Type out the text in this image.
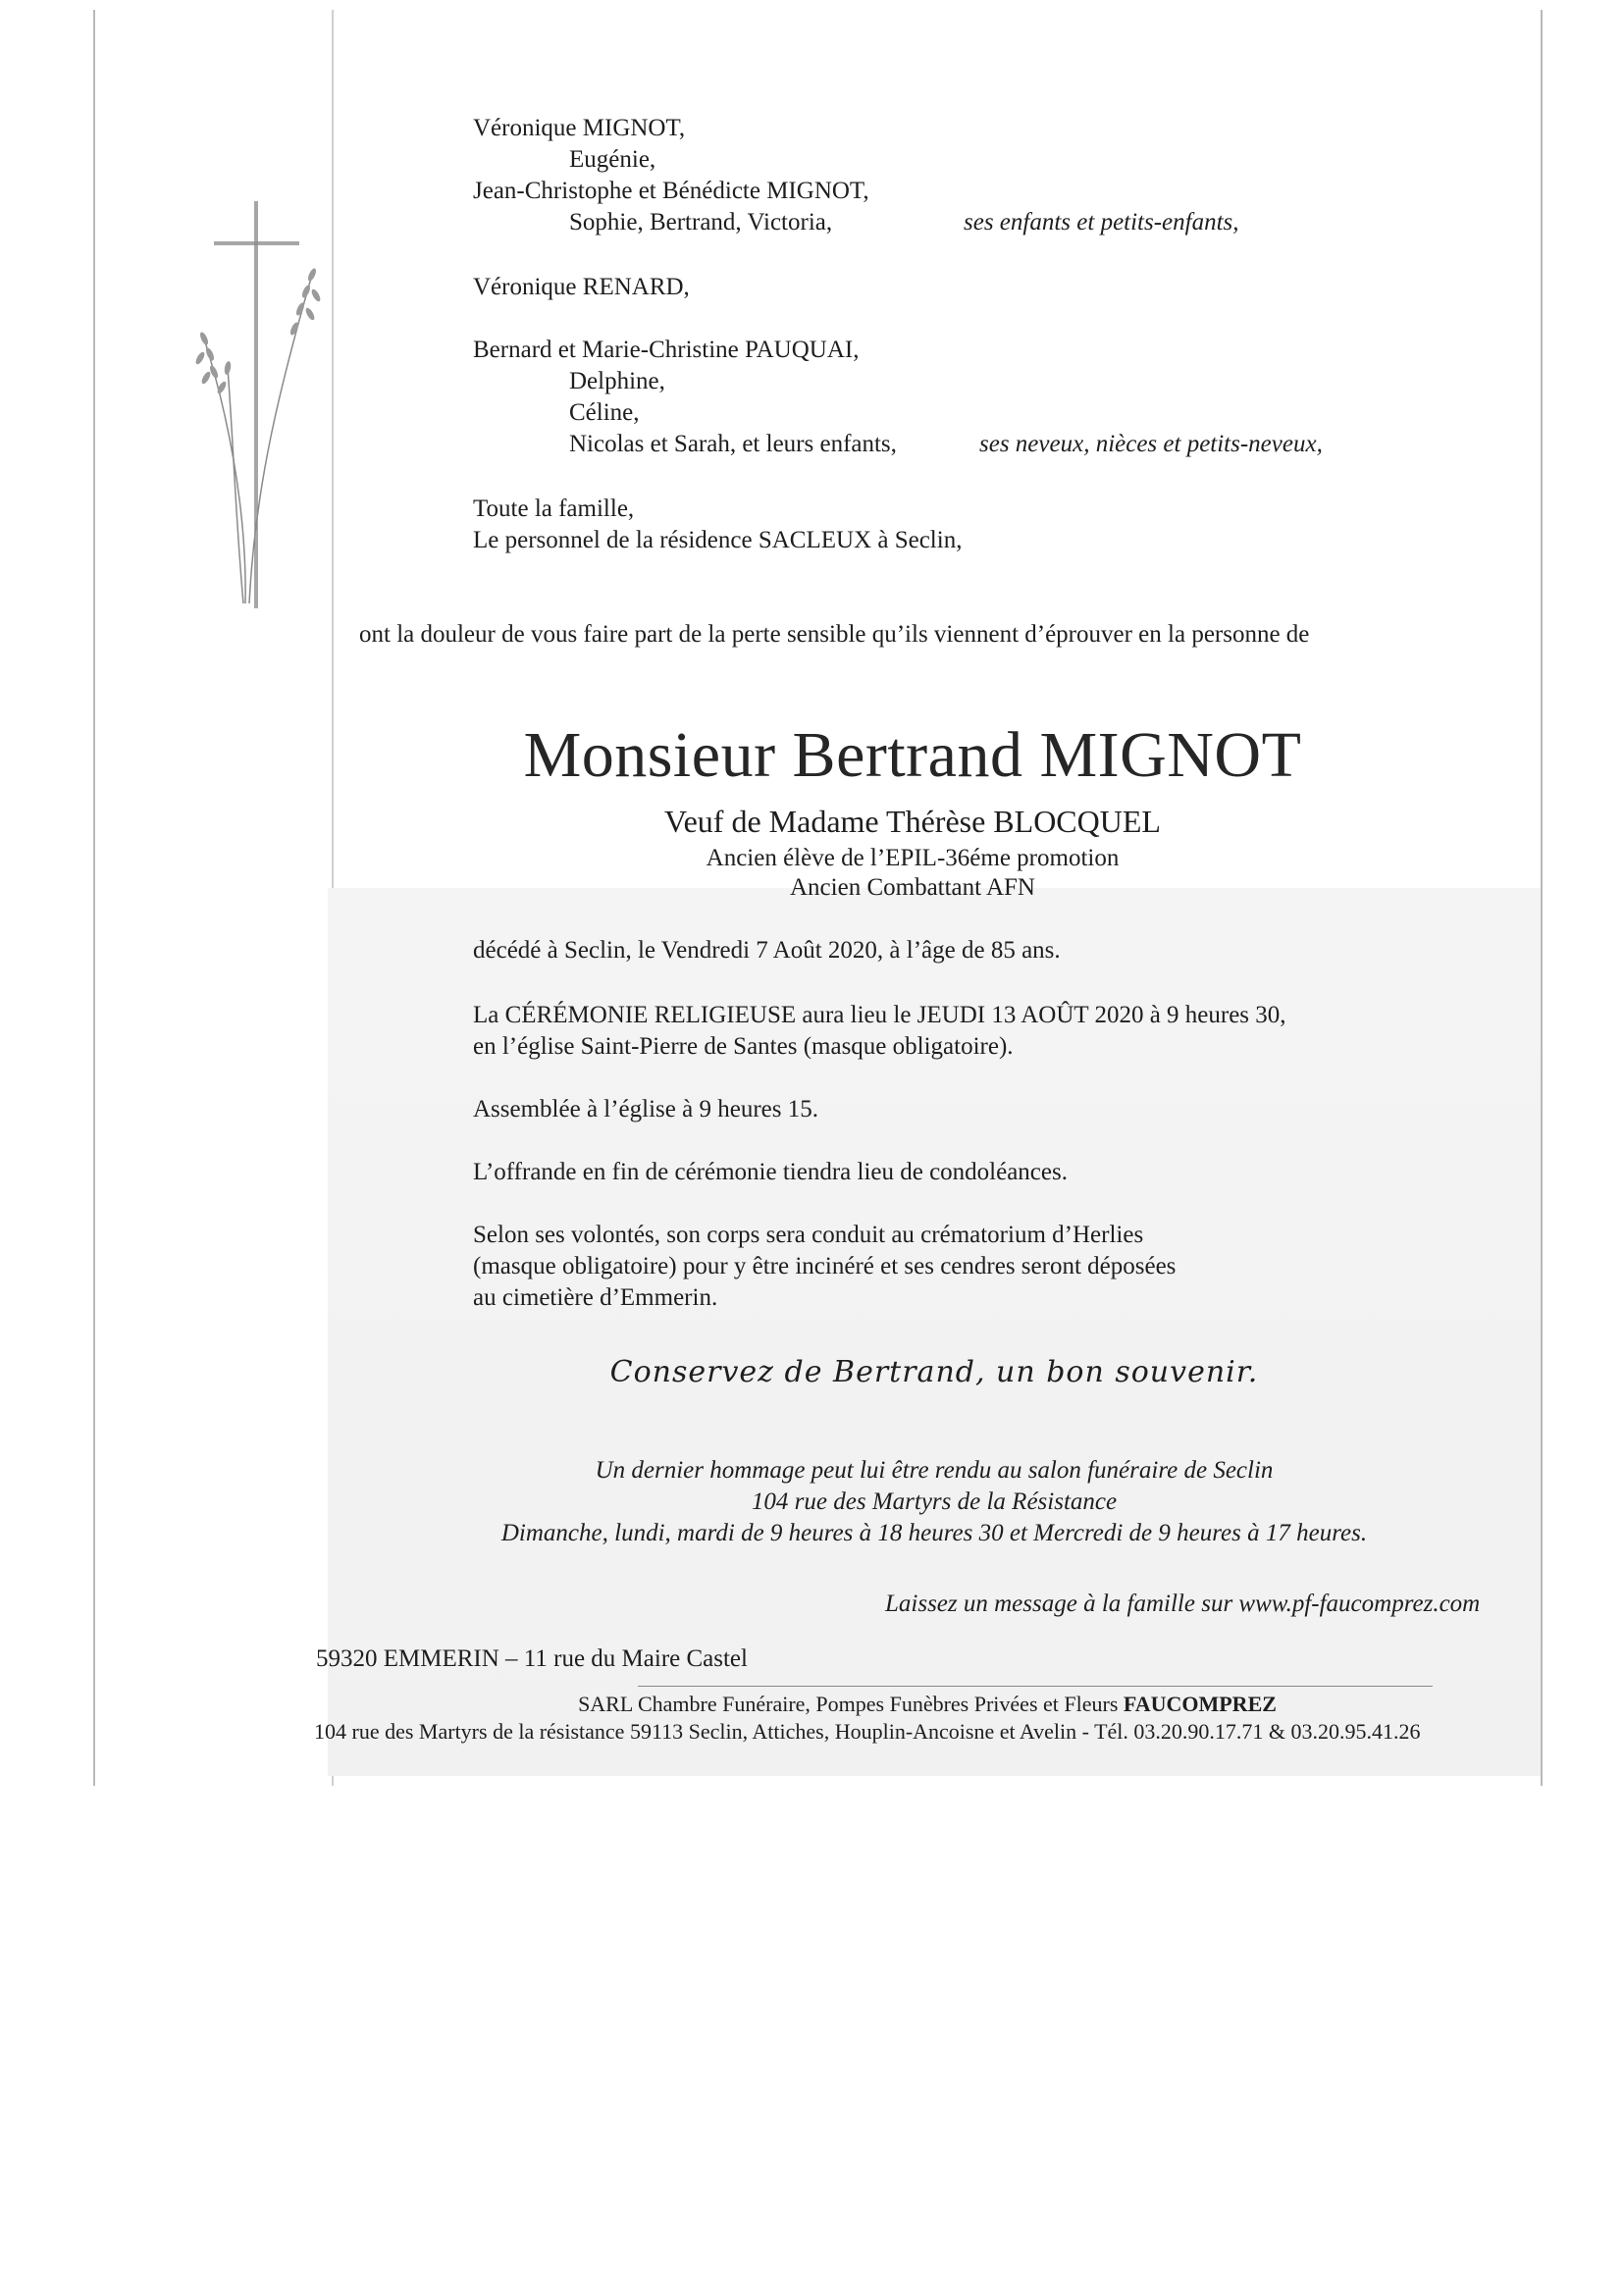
Véronique MIGNOT,
Eugénie,
Jean-Christophe et Bénédicte MIGNOT,
Sophie, Bertrand, Victoria,	ses enfants et petits-enfants,
Véronique RENARD,
Bernard et Marie-Christine PAUQUAI,
Delphine,
Céline,
Nicolas et Sarah, et leurs enfants,	ses neveux, nièces et petits-neveux,
Toute la famille,
Le personnel de la résidence SACLEUX à Seclin,
ont la douleur de vous faire part de la perte sensible qu’ils viennent d’éprouver en la personne de
Monsieur Bertrand MIGNOT
Veuf de Madame Thérèse BLOCQUEL
Ancien élève de l’EPIL-36éme promotion
Ancien Combattant AFN
décédé à Seclin, le Vendredi 7 Août 2020, à l’âge de 85 ans.
La CÉRÉMONIE RELIGIEUSE aura lieu le JEUDI 13 AOÛT 2020 à 9 heures 30,
en l’église Saint-Pierre de Santes (masque obligatoire).
Assemblée à l’église à 9 heures 15.
L’offrande en fin de cérémonie tiendra lieu de condoléances.
Selon ses volontés, son corps sera conduit au crématorium d’Herlies
(masque obligatoire) pour y être incinéré et ses cendres seront déposées
au cimetière d’Emmerin.
Conservez de Bertrand, un bon souvenir.
Un dernier hommage peut lui être rendu au salon funéraire de Seclin
104 rue des Martyrs de la Résistance
Dimanche, lundi, mardi de 9 heures à 18 heures 30 et Mercredi de 9 heures à 17 heures.
Laissez un message à la famille sur www.pf-faucomprez.com
59320 EMMERIN – 11 rue du Maire Castel
SARL Chambre Funéraire, Pompes Funèbres Privées et Fleurs FAUCOMPREZ
104 rue des Martyrs de la résistance 59113 Seclin, Attiches, Houplin-Ancoisne et Avelin - Tél. 03.20.90.17.71 & 03.20.95.41.26
